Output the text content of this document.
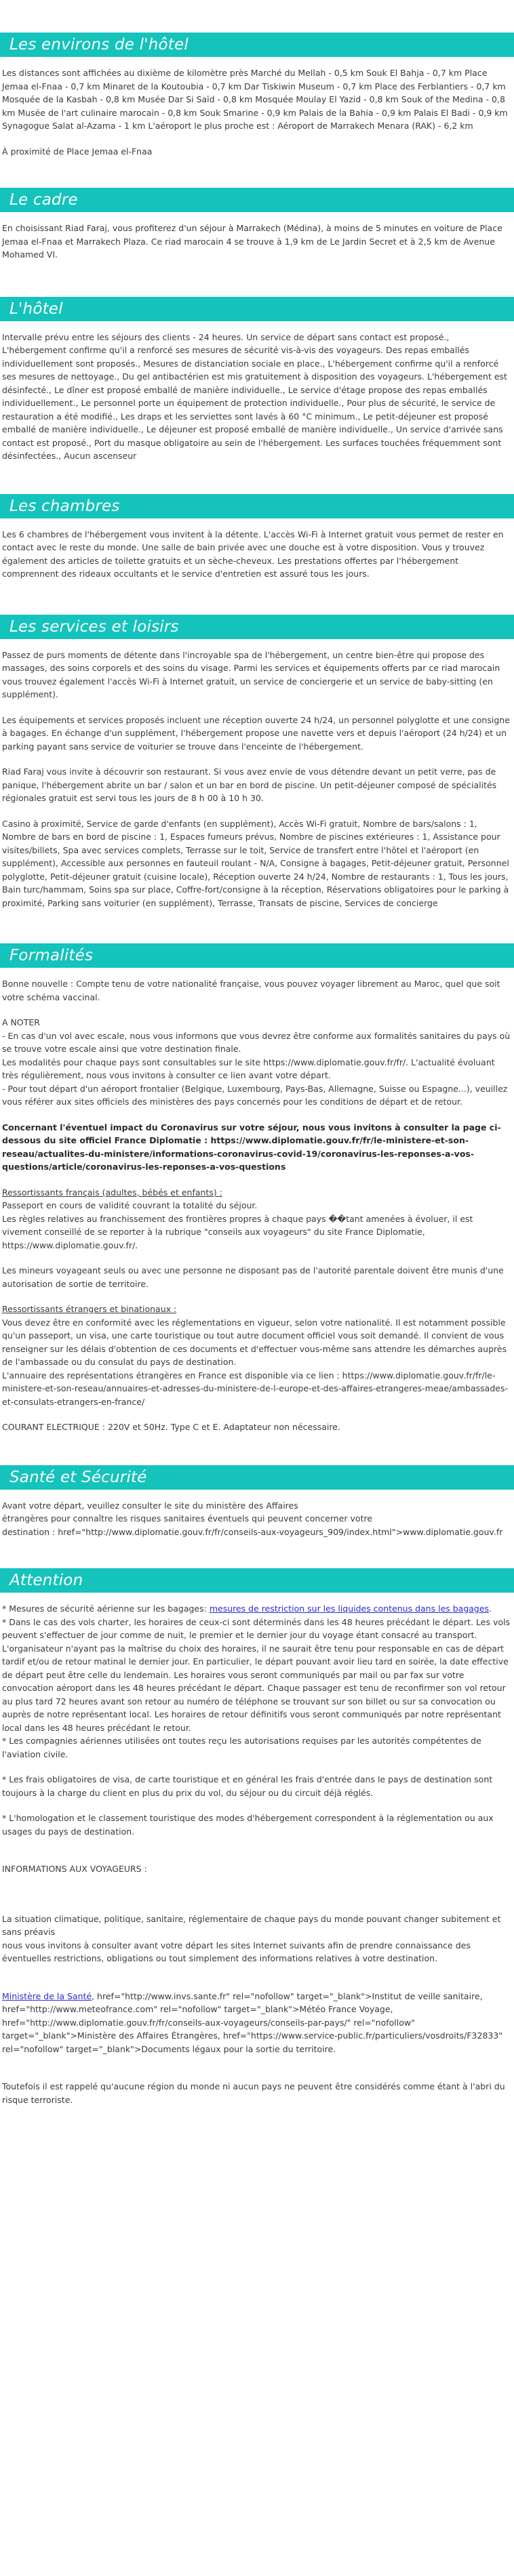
Les environs de l'hôtel

Les distances sont affichées au dixième de kilomètre près Marché du Mellah - 0,5 km Souk El Bahja - 0,7 km Place Jemaa el-Fnaa - 0,7 km Minaret de la Koutoubia - 0,7 km Dar Tiskiwin Museum - 0,7 km Place des Ferblantiers - 0,7 km Mosquée de la Kasbah - 0,8 km Musée Dar Si Saïd - 0,8 km Mosquée Moulay El Yazid - 0,8 km Souk of the Medina - 0,8 km Musée de l'art culinaire marocain - 0,8 km Souk Smarine - 0,9 km Palais de la Bahia - 0,9 km Palais El Badi - 0,9 km Synagogue Salat al-Azama - 1 km L'aéroport le plus proche est : Aéroport de Marrakech Menara (RAK) - 6,2 km

À proximité de Place Jemaa el-Fnaa

Le cadre

En choisissant Riad Faraj, vous profiterez d'un séjour à Marrakech (Médina), à moins de 5 minutes en voiture de Place Jemaa el-Fnaa et Marrakech Plaza. Ce riad marocain 4 se trouve à 1,9 km de Le Jardin Secret et à 2,5 km de Avenue Mohamed VI.

L'hôtel

Intervalle prévu entre les séjours des clients - 24 heures. Un service de départ sans contact est proposé., L'hébergement confirme qu'il a renforcé ses mesures de sécurité vis-à-vis des voyageurs. Des repas emballés individuellement sont proposés., Mesures de distanciation sociale en place., L'hébergement confirme qu'il a renforcé ses mesures de nettoyage., Du gel antibactérien est mis gratuitement à disposition des voyageurs. L'hébergement est désinfecté., Le dîner est proposé emballé de manière individuelle., Le service d'étage propose des repas emballés individuellement., Le personnel porte un équipement de protection individuelle., Pour plus de sécurité, le service de restauration a été modifié., Les draps et les serviettes sont lavés à 60 °C minimum., Le petit-déjeuner est proposé emballé de manière individuelle., Le déjeuner est proposé emballé de manière individuelle., Un service d'arrivée sans contact est proposé., Port du masque obligatoire au sein de l'hébergement. Les surfaces touchées fréquemment sont désinfectées., Aucun ascenseur

Les chambres

Les 6 chambres de l'hébergement vous invitent à la détente. L'accès Wi-Fi à Internet gratuit vous permet de rester en contact avec le reste du monde. Une salle de bain privée avec une douche est à votre disposition. Vous y trouvez également des articles de toilette gratuits et un sèche-cheveux. Les prestations offertes par l'hébergement comprennent des rideaux occultants et le service d'entretien est assuré tous les jours.

Les services et loisirs

Passez de purs moments de détente dans l'incroyable spa de l'hébergement, un centre bien-être qui propose des massages, des soins corporels et des soins du visage. Parmi les services et équipements offerts par ce riad marocain vous trouvez également l'accès Wi-Fi à Internet gratuit, un service de conciergerie et un service de baby-sitting (en supplément).

Les équipements et services proposés incluent une réception ouverte 24 h/24, un personnel polyglotte et une consigne à bagages. En échange d'un supplément, l'hébergement propose une navette vers et depuis l'aéroport (24 h/24) et un parking payant sans service de voiturier se trouve dans l'enceinte de l'hébergement.

Riad Faraj vous invite à découvrir son restaurant. Si vous avez envie de vous détendre devant un petit verre, pas de panique, l'hébergement abrite un bar / salon et un bar en bord de piscine. Un petit-déjeuner composé de spécialités régionales gratuit est servi tous les jours de 8 h 00 à 10 h 30.

Casino à proximité, Service de garde d'enfants (en supplément), Accès Wi-Fi gratuit, Nombre de bars/salons : 1, Nombre de bars en bord de piscine : 1, Espaces fumeurs prévus, Nombre de piscines extérieures : 1, Assistance pour visites/billets, Spa avec services complets, Terrasse sur le toit, Service de transfert entre l'hôtel et l'aéroport (en supplément), Accessible aux personnes en fauteuil roulant - N/A, Consigne à bagages, Petit-déjeuner gratuit, Personnel polyglotte, Petit-déjeuner gratuit (cuisine locale), Réception ouverte 24 h/24, Nombre de restaurants : 1, Tous les jours, Bain turc/hammam, Soins spa sur place, Coffre-fort/consigne à la réception, Réservations obligatoires pour le parking à proximité, Parking sans voiturier (en supplément), Terrasse, Transats de piscine, Services de concierge

Formalités

Bonne nouvelle : Compte tenu de votre nationalité française, vous pouvez voyager librement au Maroc, quel que soit votre schéma vaccinal.

A NOTER
- En cas d'un vol avec escale, nous vous informons que vous devrez être conforme aux formalités sanitaires du pays où se trouve votre escale ainsi que votre destination finale.
Les modalités pour chaque pays sont consultables sur le site https://www.diplomatie.gouv.fr/fr/. L'actualité évoluant très régulièrement, nous vous invitons à consulter ce lien avant votre départ.
- Pour tout départ d'un aéroport frontalier (Belgique, Luxembourg, Pays-Bas, Allemagne, Suisse ou Espagne...), veuillez vous référer aux sites officiels des ministères des pays concernés pour les conditions de départ et de retour.

Concernant l'éventuel impact du Coronavirus sur votre séjour, nous vous invitons à consulter la page ci-dessous du site officiel France Diplomatie : https://www.diplomatie.gouv.fr/fr/le-ministere-et-son-reseau/actualites-du-ministere/informations-coronavirus-covid-19/coronavirus-les-reponses-a-vos-questions/article/coronavirus-les-reponses-a-vos-questions

Ressortissants français (adultes, bébés et enfants) :
Passeport en cours de validité couvrant la totalité du séjour.
Les règles relatives au franchissement des frontières propres à chaque pays ��tant amenées à évoluer, il est vivement conseillé de se reporter à la rubrique "conseils aux voyageurs" du site France Diplomatie, https://www.diplomatie.gouv.fr/.

Les mineurs voyageant seuls ou avec une personne ne disposant pas de l'autorité parentale doivent être munis d'une autorisation de sortie de territoire.

Ressortissants étrangers et binationaux :
Vous devez être en conformité avec les réglementations en vigueur, selon votre nationalité. Il est notamment possible qu'un passeport, un visa, une carte touristique ou tout autre document officiel vous soit demandé. Il convient de vous renseigner sur les délais d'obtention de ces documents et d'effectuer vous-même sans attendre les démarches auprès de l'ambassade ou du consulat du pays de destination.
L'annuaire des représentations étrangères en France est disponible via ce lien : https://www.diplomatie.gouv.fr/fr/le-ministere-et-son-reseau/annuaires-et-adresses-du-ministere-de-l-europe-et-des-affaires-etrangeres-meae/ambassades-et-consulats-etrangers-en-france/

COURANT ELECTRIQUE : 220V et 50Hz. Type C et E. Adaptateur non nécessaire.

Santé et Sécurité
Avant votre départ, veuillez consulter le site du ministère des Affaires
étrangères pour connaître les risques sanitaires éventuels qui peuvent concerner votre
destination : href="http://www.diplomatie.gouv.fr/fr/conseils-aux-voyageurs_909/index.html">www.diplomatie.gouv.fr
Attention
* Mesures de sécurité aérienne sur les bagages: mesures de restriction sur les liquides contenus dans les bagages.
* Dans le cas des vols charter, les horaires de ceux-ci sont déterminés dans les 48 heures précédant le départ. Les vols peuvent s'effectuer de jour comme de nuit, le premier et le dernier jour du voyage étant consacré au transport. L'organisateur n'ayant pas la maîtrise du choix des horaires, il ne saurait être tenu pour responsable en cas de départ tardif et/ou de retour matinal le dernier jour. En particulier, le départ pouvant avoir lieu tard en soirée, la date effective de départ peut être celle du lendemain. Les horaires vous seront communiqués par mail ou par fax sur votre convocation aéroport dans les 48 heures précédant le départ. Chaque passager est tenu de reconfirmer son vol retour au plus tard 72 heures avant son retour au numéro de téléphone se trouvant sur son billet ou sur sa convocation ou auprès de notre représentant local. Les horaires de retour définitifs vous seront communiqués par notre représentant local dans les 48 heures précédant le retour.
* Les compagnies aériennes utilisées ont toutes reçu les autorisations requises par les autorités compétentes de l'aviation civile.
* Les frais obligatoires de visa, de carte touristique et en général les frais d'entrée dans le pays de destination sont toujours à la charge du client en plus du prix du vol, du séjour ou du circuit déjà réglés.
* L'homologation et le classement touristique des modes d'hébergement correspondent à la réglementation ou aux usages du pays de destination.
INFORMATIONS AUX VOYAGEURS :
La situation climatique, politique, sanitaire, réglementaire de chaque pays du monde pouvant changer subitement et sans préavis
nous vous invitons à consulter avant votre départ les sites Internet suivants afin de prendre connaissance des éventuelles restrictions, obligations ou tout simplement des informations relatives à votre destination.
Ministère de la Santé, href="http://www.invs.sante.fr" rel="nofollow" target="_blank">Institut de veille sanitaire, href="http://www.meteofrance.com" rel="nofollow" target="_blank">Météo France Voyage, href="http://www.diplomatie.gouv.fr/fr/conseils-aux-voyageurs/conseils-par-pays/" rel="nofollow" target="_blank">Ministère des Affaires Étrangères, href="https://www.service-public.fr/particuliers/vosdroits/F32833" rel="nofollow" target="_blank">Documents légaux pour la sortie du territoire.
Toutefois il est rappelé qu'aucune région du monde ni aucun pays ne peuvent être considérés comme étant à l'abri du risque terroriste.
